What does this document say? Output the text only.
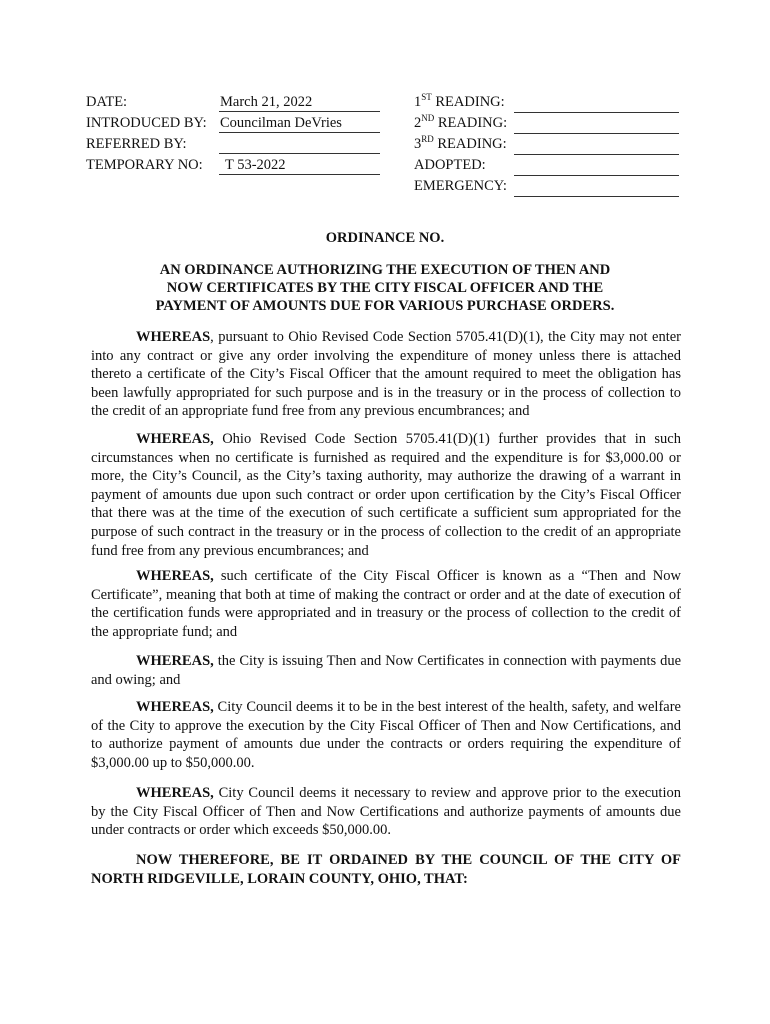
DATE:	March 21, 2022
INTRODUCED BY: Councilman DeVries
REFERRED BY:
TEMPORARY NO:	T 53-2022
1ST READING:
2ND READING:
3RD READING:
ADOPTED:
EMERGENCY:
ORDINANCE NO.
AN ORDINANCE AUTHORIZING THE EXECUTION OF THEN AND
NOW CERTIFICATES BY THE CITY FISCAL OFFICER AND THE
PAYMENT OF AMOUNTS DUE FOR VARIOUS PURCHASE ORDERS.
WHEREAS, pursuant to Ohio Revised Code Section 5705.41(D)(1), the City may not enter into any contract or give any order involving the expenditure of money unless there is attached thereto a certificate of the City’s Fiscal Officer that the amount required to meet the obligation has been lawfully appropriated for such purpose and is in the treasury or in the process of collection to the credit of an appropriate fund free from any previous encumbrances; and
WHEREAS, Ohio Revised Code Section 5705.41(D)(1) further provides that in such circumstances when no certificate is furnished as required and the expenditure is for $3,000.00 or more, the City’s Council, as the City’s taxing authority, may authorize the drawing of a warrant in payment of amounts due upon such contract or order upon certification by the City’s Fiscal Officer that there was at the time of the execution of such certificate a sufficient sum appropriated for the purpose of such contract in the treasury or in the process of collection to the credit of an appropriate fund free from any previous encumbrances; and
WHEREAS, such certificate of the City Fiscal Officer is known as a “Then and Now Certificate”, meaning that both at time of making the contract or order and at the date of execution of the certification funds were appropriated and in treasury or the process of collection to the credit of the appropriate fund; and
WHEREAS, the City is issuing Then and Now Certificates in connection with payments due and owing; and
WHEREAS, City Council deems it to be in the best interest of the health, safety, and welfare of the City to approve the execution by the City Fiscal Officer of Then and Now Certifications, and to authorize payment of amounts due under the contracts or orders requiring the expenditure of $3,000.00 up to $50,000.00.
WHEREAS, City Council deems it necessary to review and approve prior to the execution by the City Fiscal Officer of Then and Now Certifications and authorize payments of amounts due under contracts or order which exceeds $50,000.00.
NOW THEREFORE, BE IT ORDAINED BY THE COUNCIL OF THE CITY OF NORTH RIDGEVILLE, LORAIN COUNTY, OHIO, THAT:
